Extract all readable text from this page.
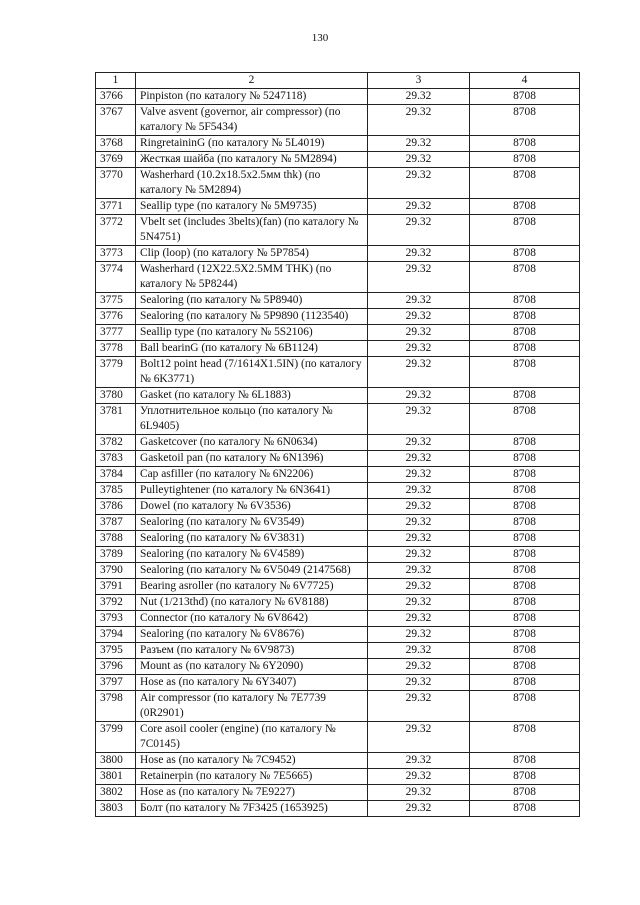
130
1	2	3	4
3766	Pinpiston (по каталогу № 5247118)	29.32	8708
3767	Valve asvent (governor, air compressor) (по каталогу № 5F5434)	29.32	8708
3768	RingretaininG (по каталогу № 5L4019)	29.32	8708
3769	Жесткая шайба (по каталогу № 5M2894)	29.32	8708
3770	Washerhard (10.2x18.5x2.5мм thk) (по каталогу № 5M2894)	29.32	8708
3771	Seallip type (по каталогу № 5M9735)	29.32	8708
3772	Vbelt set (includes 3belts)(fan) (по каталогу № 5N4751)	29.32	8708
3773	Clip (loop) (по каталогу № 5P7854)	29.32	8708
3774	Washerhard (12X22.5X2.5MM THK) (по каталогу № 5P8244)	29.32	8708
3775	Sealoring (по каталогу № 5P8940)	29.32	8708
3776	Sealoring (по каталогу № 5P9890 (1123540)	29.32	8708
3777	Seallip type (по каталогу № 5S2106)	29.32	8708
3778	Ball bearinG (по каталогу № 6B1124)	29.32	8708
3779	Bolt12 point head (7/1614X1.5IN) (по каталогу № 6K3771)	29.32	8708
3780	Gasket (по каталогу № 6L1883)	29.32	8708
3781	Уплотнительное кольцо (по каталогу № 6L9405)	29.32	8708
3782	Gasketcover (по каталогу № 6N0634)	29.32	8708
3783	Gasketoil pan (по каталогу № 6N1396)	29.32	8708
3784	Cap asfiller (по каталогу № 6N2206)	29.32	8708
3785	Pulleytightener (по каталогу № 6N3641)	29.32	8708
3786	Dowel (по каталогу № 6V3536)	29.32	8708
3787	Sealoring (по каталогу № 6V3549)	29.32	8708
3788	Sealoring (по каталогу № 6V3831)	29.32	8708
3789	Sealoring (по каталогу № 6V4589)	29.32	8708
3790	Sealoring (по каталогу № 6V5049 (2147568)	29.32	8708
3791	Bearing asroller (по каталогу № 6V7725)	29.32	8708
3792	Nut (1/213thd) (по каталогу № 6V8188)	29.32	8708
3793	Connector (по каталогу № 6V8642)	29.32	8708
3794	Sealoring (по каталогу № 6V8676)	29.32	8708
3795	Разъем (по каталогу № 6V9873)	29.32	8708
3796	Mount as (по каталогу № 6Y2090)	29.32	8708
3797	Hose as (по каталогу № 6Y3407)	29.32	8708
3798	Air compressor (по каталогу № 7E7739 (0R2901)	29.32	8708
3799	Core asoil cooler (engine) (по каталогу № 7C0145)	29.32	8708
3800	Hose as (по каталогу № 7C9452)	29.32	8708
3801	Retainerpin (по каталогу № 7E5665)	29.32	8708
3802	Hose as (по каталогу № 7E9227)	29.32	8708
3803	Болт (по каталогу № 7F3425 (1653925)	29.32	8708
